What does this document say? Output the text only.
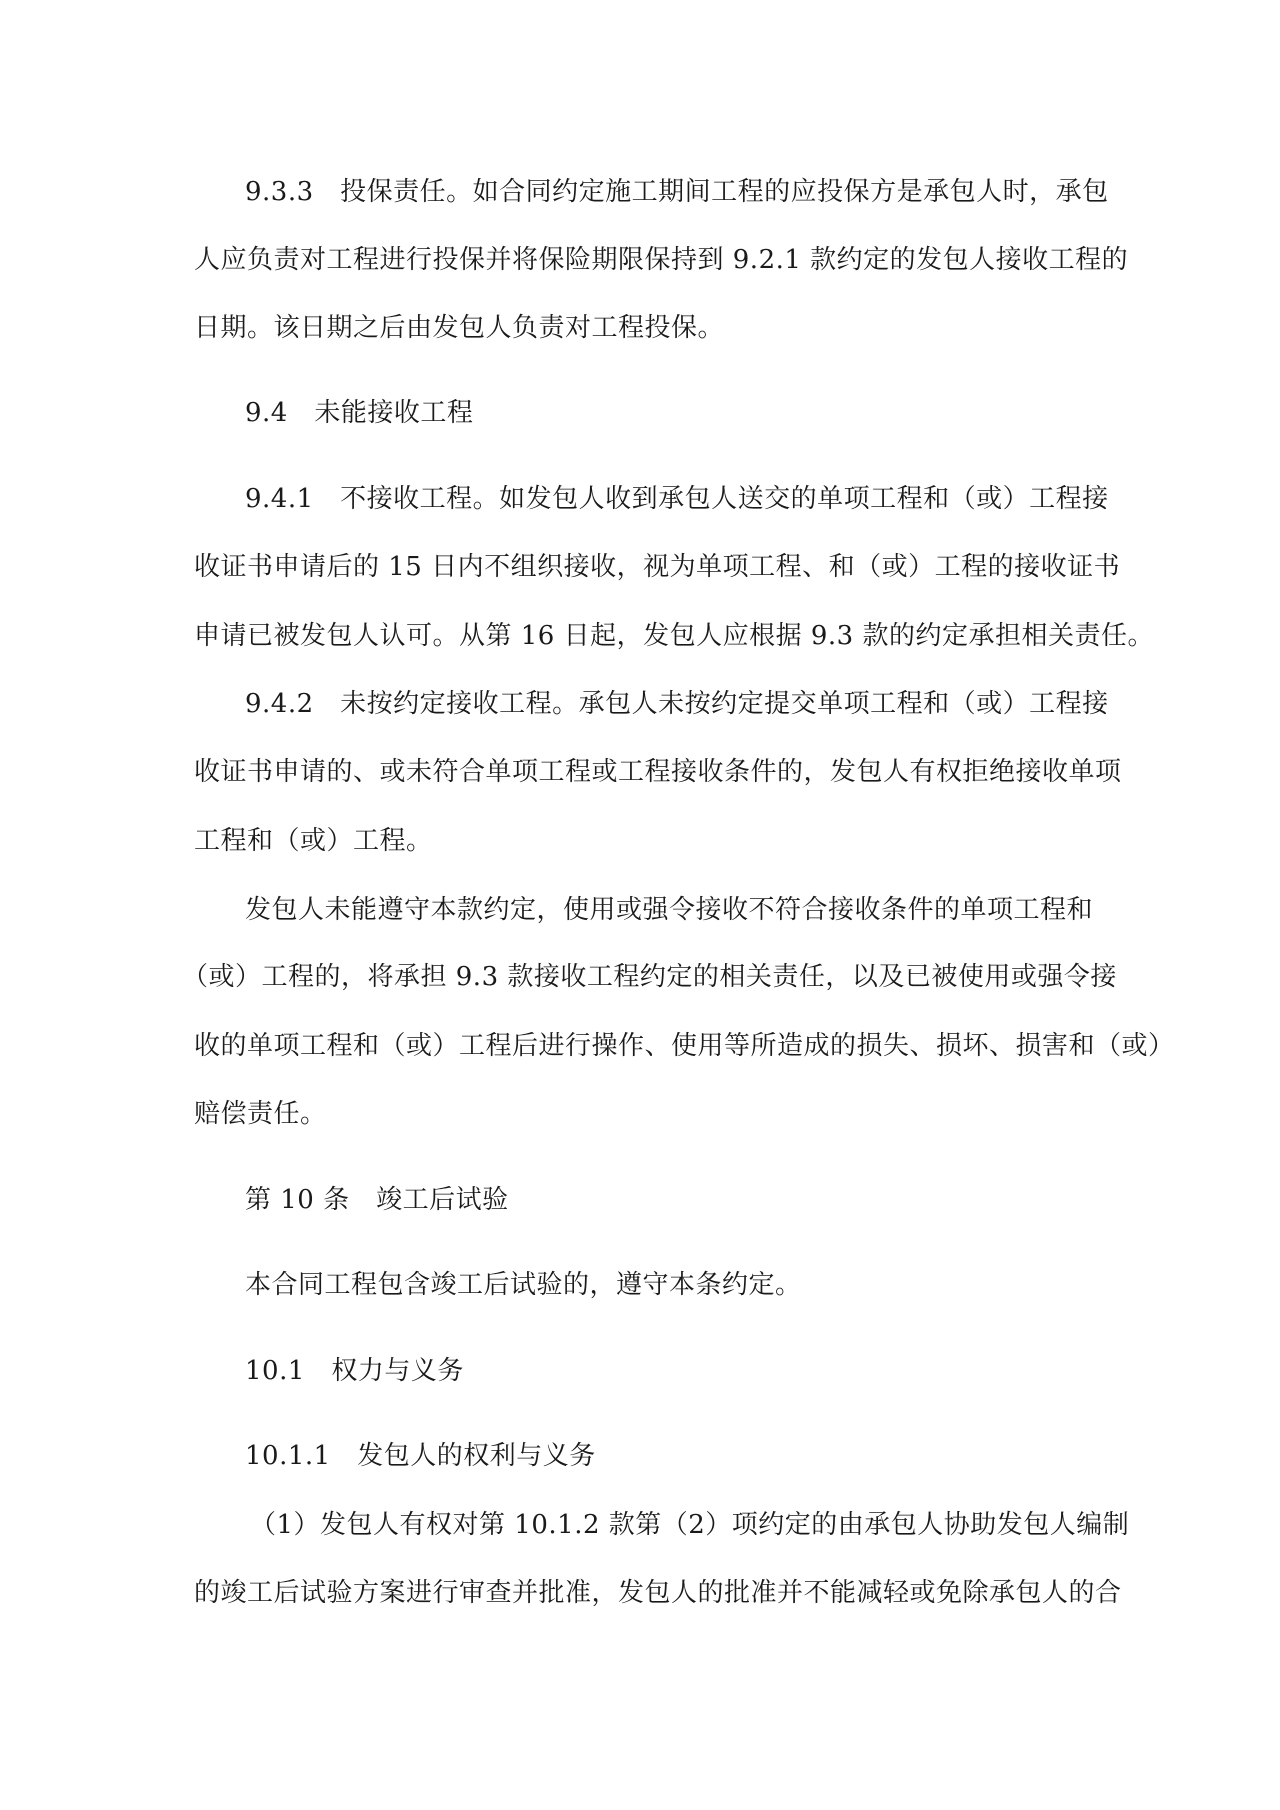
9.3.3　投保责任。如合同约定施工期间工程的应投保方是承包人时，承包
人应负责对工程进行投保并将保险期限保持到 9.2.1 款约定的发包人接收工程的
日期。该日期之后由发包人负责对工程投保。
9.4　未能接收工程
9.4.1　不接收工程。如发包人收到承包人送交的单项工程和（或）工程接
收证书申请后的 15 日内不组织接收，视为单项工程、和（或）工程的接收证书
申请已被发包人认可。从第 16 日起，发包人应根据 9.3 款的约定承担相关责任。
9.4.2　未按约定接收工程。承包人未按约定提交单项工程和（或）工程接
收证书申请的、或未符合单项工程或工程接收条件的，发包人有权拒绝接收单项
工程和（或）工程。
发包人未能遵守本款约定，使用或强令接收不符合接收条件的单项工程和
（或）工程的，将承担 9.3 款接收工程约定的相关责任，以及已被使用或强令接
收的单项工程和（或）工程后进行操作、使用等所造成的损失、损坏、损害和（或）
赔偿责任。
第 10 条　竣工后试验
本合同工程包含竣工后试验的，遵守本条约定。
10.1　权力与义务
10.1.1　发包人的权利与义务
（1）发包人有权对第 10.1.2 款第（2）项约定的由承包人协助发包人编制
的竣工后试验方案进行审查并批准，发包人的批准并不能减轻或免除承包人的合
